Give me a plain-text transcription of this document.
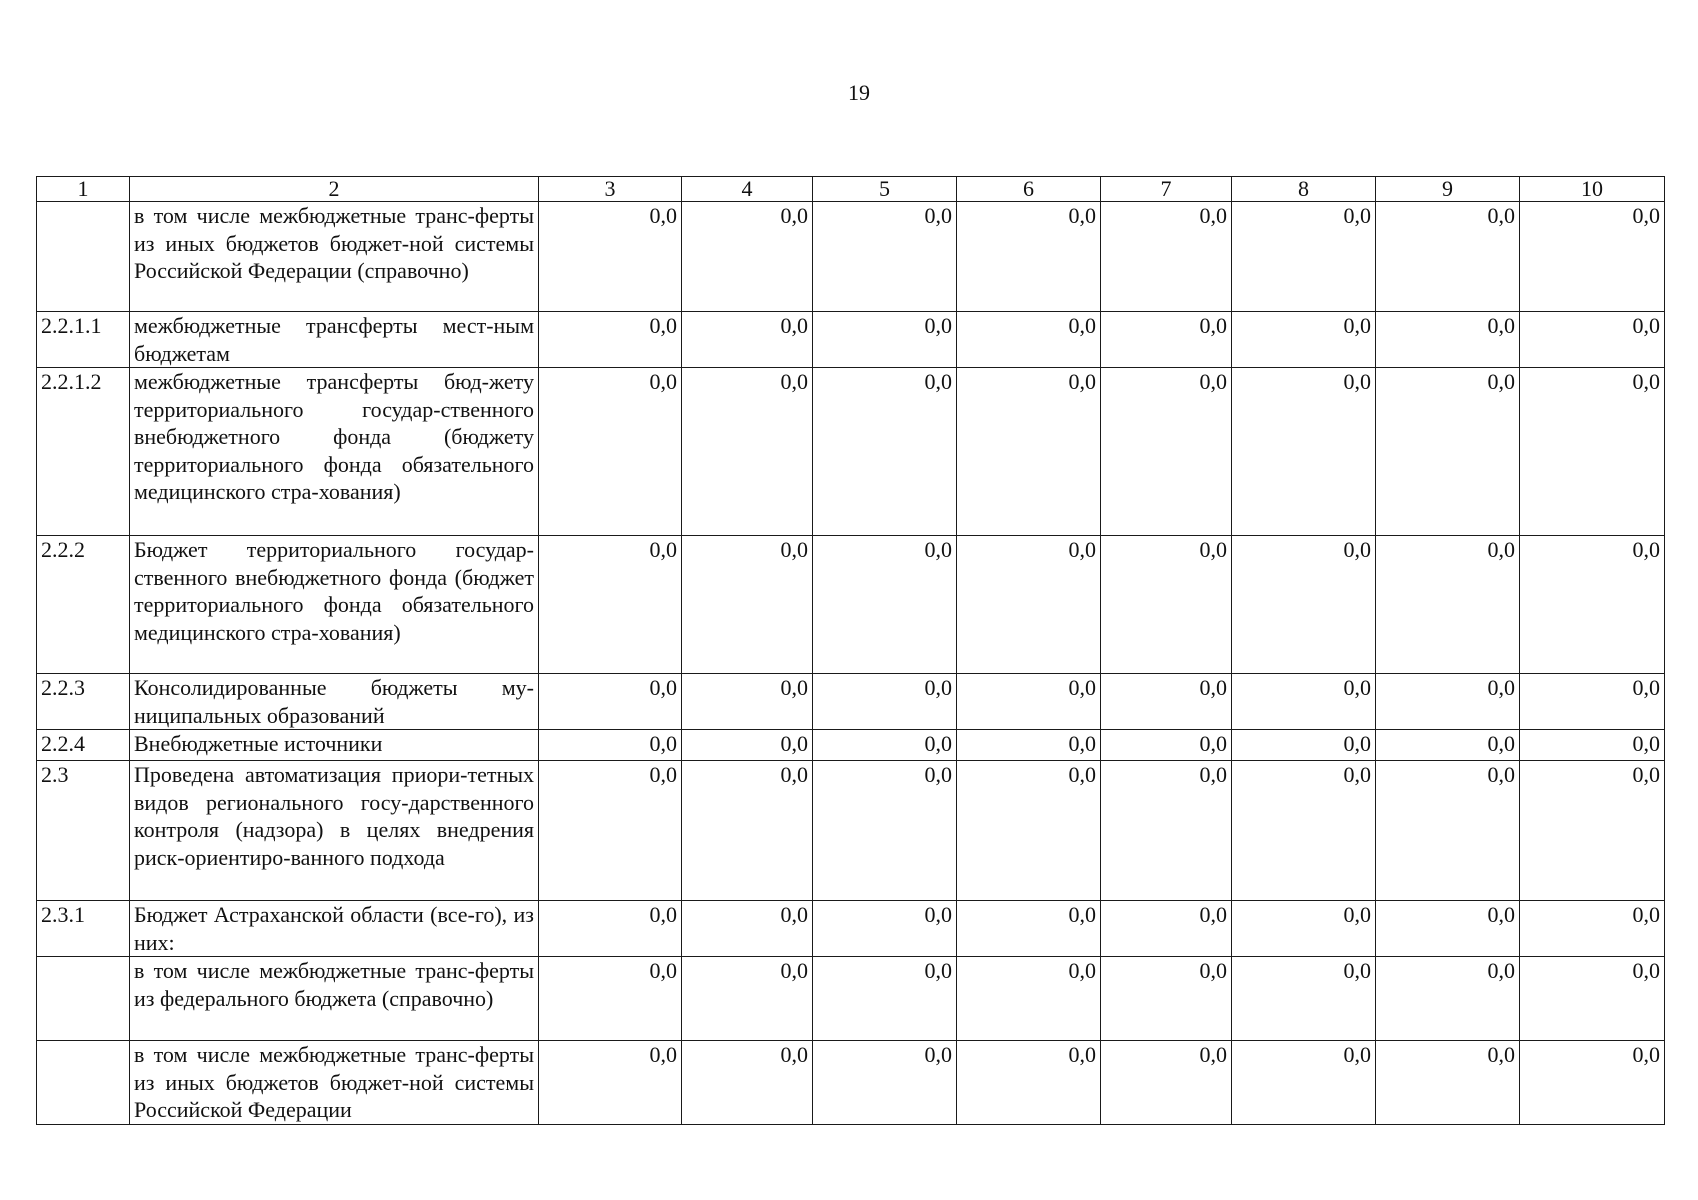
19
1	2	3	4	5	6	7	8	9	10
	в том числе межбюджетные транс-ферты из иных бюджетов бюджет-ной системы Российской Федерации (справочно)	0,0	0,0	0,0	0,0	0,0	0,0	0,0	0,0
2.2.1.1	межбюджетные трансферты мест-ным бюджетам	0,0	0,0	0,0	0,0	0,0	0,0	0,0	0,0
2.2.1.2	межбюджетные трансферты бюд-жету территориального государ-ственного внебюджетного фонда (бюджету территориального фонда обязательного медицинского стра-хования)	0,0	0,0	0,0	0,0	0,0	0,0	0,0	0,0
2.2.2	Бюджет территориального государ-ственного внебюджетного фонда (бюджет территориального фонда обязательного медицинского стра-хования)	0,0	0,0	0,0	0,0	0,0	0,0	0,0	0,0
2.2.3	Консолидированные бюджеты му-ниципальных образований	0,0	0,0	0,0	0,0	0,0	0,0	0,0	0,0
2.2.4	Внебюджетные источники	0,0	0,0	0,0	0,0	0,0	0,0	0,0	0,0
2.3	Проведена автоматизация приори-тетных видов регионального госу-дарственного контроля (надзора) в целях внедрения риск-ориентиро-ванного подхода	0,0	0,0	0,0	0,0	0,0	0,0	0,0	0,0
2.3.1	Бюджет Астраханской области (все-го), из них:	0,0	0,0	0,0	0,0	0,0	0,0	0,0	0,0
	в том числе межбюджетные транс-ферты из федерального бюджета (справочно)	0,0	0,0	0,0	0,0	0,0	0,0	0,0	0,0
	в том числе межбюджетные транс-ферты из иных бюджетов бюджет-ной системы Российской Федерации	0,0	0,0	0,0	0,0	0,0	0,0	0,0	0,0
